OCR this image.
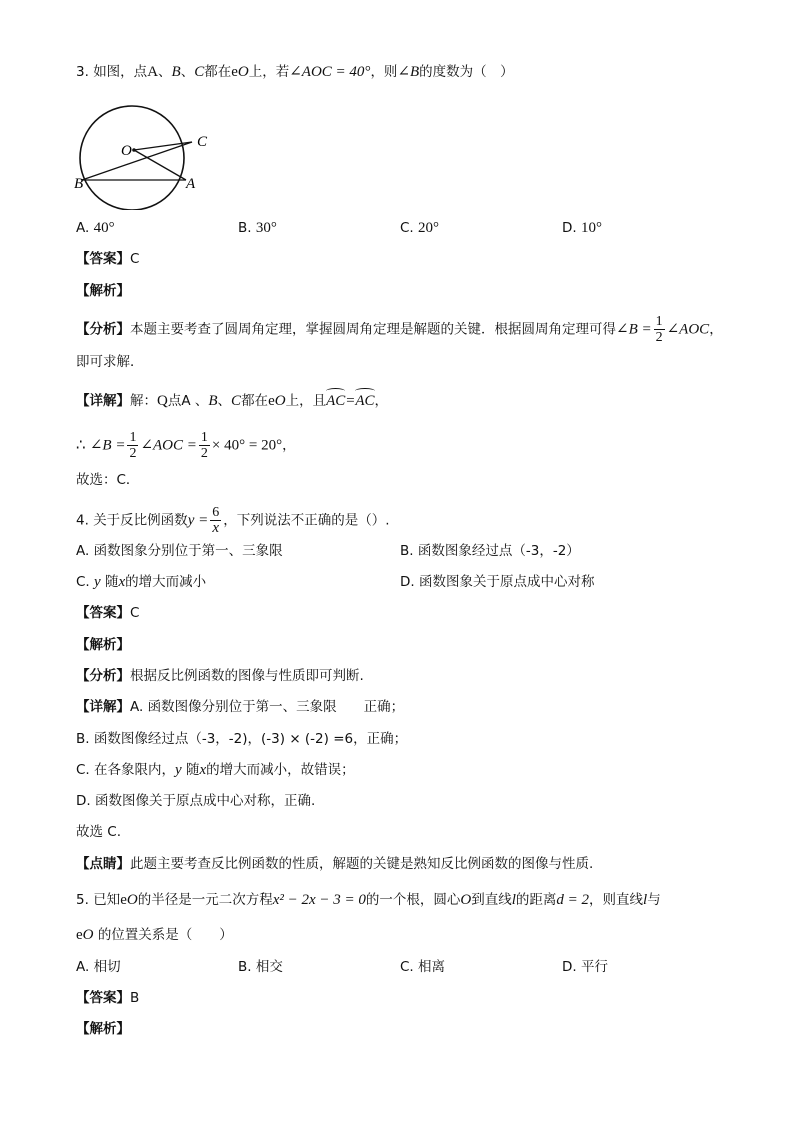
3. 如图，点A、B、C都在eO上，若∠AOC = 40°，则∠B的度数为（　）
O
C
B	A
A. 40°	B. 30°	C. 20°	D. 10°
【答案】C
【解析】
【分析】本题主要考查了圆周角定理，掌握圆周角定理是解题的关键．根据圆周角定理可得∠B = $\frac{1}{2}$ ∠AOC，
即可求解．
【详解】解：Q点A 、B、C都在eO上，且AC=AC，
∴ ∠B = $\frac{1}{2}$ ∠AOC = $\frac{1}{2} \times 40^\circ = 20^\circ$，
故选：C．
4. 关于反比例函数$y = \frac{6}{x}$ ，下列说法不正确的是（）.
A. 函数图象分别位于第一、三象限	B. 函数图象经过点（-3，-2）
C. y 随x的增大而减小	D. 函数图象关于原点成中心对称
【答案】C
【解析】
【分析】根据反比例函数的图像与性质即可判断.
【详解】A. 函数图像分别位于第一、三象限　　正确；
B. 函数图像经过点（-3，-2)，(-3) × (-2) =6，正确；
C. 在各象限内，y 随x的增大而减小，故错误；
D. 函数图像关于原点成中心对称，正确.
故选 C.
【点睛】此题主要考查反比例函数的性质，解题的关键是熟知反比例函数的图像与性质.
5. 已知eO的半径是一元二次方程x² − 2x − 3 = 0的一个根，圆心O到直线l的距离d = 2，则直线l与
eO 的位置关系是（　　）
A. 相切	B. 相交	C. 相离	D. 平行
【答案】B
【解析】
